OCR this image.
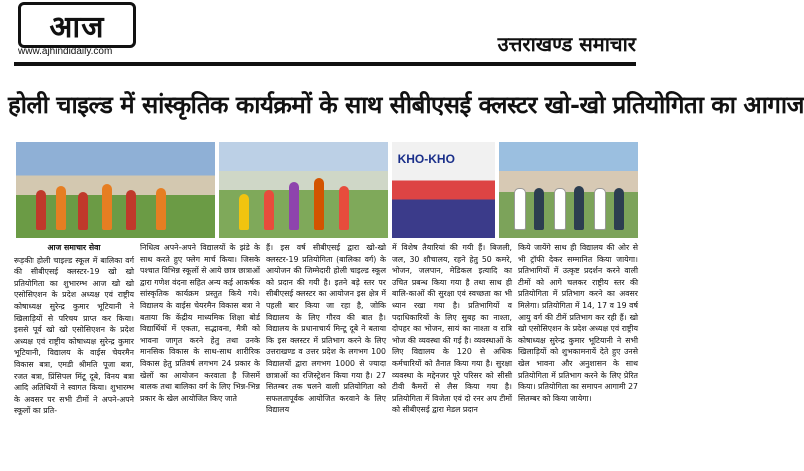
आज
www.ajhindidaily.com	उत्तराखण्ड समाचार
होली चाइल्ड में सांस्कृतिक कार्यक्रमों के साथ सीबीएसई क्लस्टर खो-खो प्रतियोगिता का आगाज
KHO-KHO
आज समाचार सेवा
रूड़कीः होली चाइल्ड स्कूल में बालिका वर्ग की सीबीएसई क्लस्टर-19 खो खो प्रतियोगिता का शुभारम्भ आज खो खो एसोसिएशन के प्रदेश अध्यक्ष एवं राष्ट्रीय कोषाध्यक्ष सुरेन्द्र कुमार भूटियानी ने खिलाड़ियों से परिचय प्राप्त कर किया। इससे पूर्व खो खो एसोसिएशन के प्रदेश अध्यक्ष एवं राष्ट्रीय कोषाध्यक्ष सुरेन्द्र कुमार भूटियानी, विद्यालय के वाईस चेयरमैन विकास बत्रा, एमडी श्रीमति पूजा बत्रा, रजत बत्रा, प्रिंसिपल मिंटू दूबे, विनय बत्रा आदि अतिथियों ने स्वागत किया। शुभारम्भ के अवसर पर सभी टीमों ने अपने-अपने स्कूलों का प्रति-
निधित्व अपने-अपने विद्यालयों के झंडे के साथ करते हुए फ्लेग मार्च किया। जिसके पश्चात विभिन्न स्कूलों से आये छात्र छात्राओं द्वारा गणेश वंदना सहित अन्य कई आकर्षक सांस्कृतिक कार्यक्रम प्रस्तुत किये गये। विद्यालय के वाईस चेयरमैन विकास बत्रा ने बताया कि केंद्रीय माध्यमिक शिक्षा बोर्ड विद्यार्थियों में एकता, सद्भावना, मैत्री को भावना जागृत करने हेतु तथा उनके मानसिक विकास के साथ-साथ शारीरिक विकास हेतु प्रतिवर्ष लगभग 24 प्रकार के खेलों का आयोजन करवाता है जिसमें बालक तथा बालिका वर्ग के लिए भिन्न-भिन्न प्रकार के खेल आयोजित किए जाते
हैं। इस वर्ष सीबीएसई द्वारा खो-खो क्लस्टर-19 प्रतियोगिता (बालिका वर्ग) के आयोजन की जिम्मेदारी होली चाइल्ड स्कूल को प्रदान की गयी है। इतने बड़े स्तर पर सीबीएसई क्लस्टर का आयोजन इस क्षेत्र में पहली बार किया जा रहा है, जोकि विद्यालय के लिए गौरव की बात है। विद्यालय के प्रधानाचार्य मिन्टू दूबे ने बताया कि इस क्लस्टर में प्रतिभाग करने के लिए उत्तराखण्ड व उत्तर प्रदेश के लगभग 100 विद्यालयों द्वारा लगभग 1000 से ज्यादा छात्राओं का रजिस्ट्रेशन किया गया है। 27 सितम्बर तक चलने वाली प्रतियोगिता को सफलतापूर्वक आयोजित करवाने के लिए विद्यालय
में विशेष तैयारियां की गयी हैं। बिजली, जल, 30 शौचालय, रहने हेतु 50 कमरे, भोजन, जलपान, मेडिकल इत्यादि का उचित प्रबन्ध किया गया है तथा साथ ही बालि-काओं की सुरक्षा एवं स्वच्छता का भी ध्यान रखा गया है। प्रतिभागियों व पदाधिकारियों के लिए सुबह का नाश्ता, दोपहर का भोजन, सायं का नाश्ता व रात्रि भोज की व्यवस्था की गई है। व्यवस्थाओं के लिए विद्यालय के 120 से अधिक कर्मचारियों को तैनात किया गया है। सुरक्षा व्यवस्था के मद्देनजर पूरे परिसर को सीसी टीवी कैमरों से लैस किया गया है। प्रतियोगिता में विजेता एवं दो रनर अप टीमों को सीबीएसई द्वारा मेडल प्रदान
किये जायेंगे साथ ही विद्यालय की ओर से भी ट्रॉफी देकर सम्मानित किया जायेगा। प्रतिभागियों में उत्कृष्ट प्रदर्शन करने वाली टीमों को आगे चलकर राष्ट्रीय स्तर की प्रतियोगिता में प्रतिभाग करने का अवसर मिलेगा। प्रतियोगिता में 14, 17 व 19 वर्ष आयु वर्ग की टीमें प्रतिभाग कर रही हैं। खो खो एसोसिएशन के प्रदेश अध्यक्ष एवं राष्ट्रीय कोषाध्यक्ष सुरेन्द्र कुमार भूटियानी ने सभी खिलाड़ियों को शुभकामनायें देते हुए उनसे खेल भावना और अनुशासन के साथ प्रतियोगिता में प्रतिभाग करने के लिए प्रेरित किया। प्रतियोगिता का समापन आगामी 27 सितम्बर को किया जायेगा।
